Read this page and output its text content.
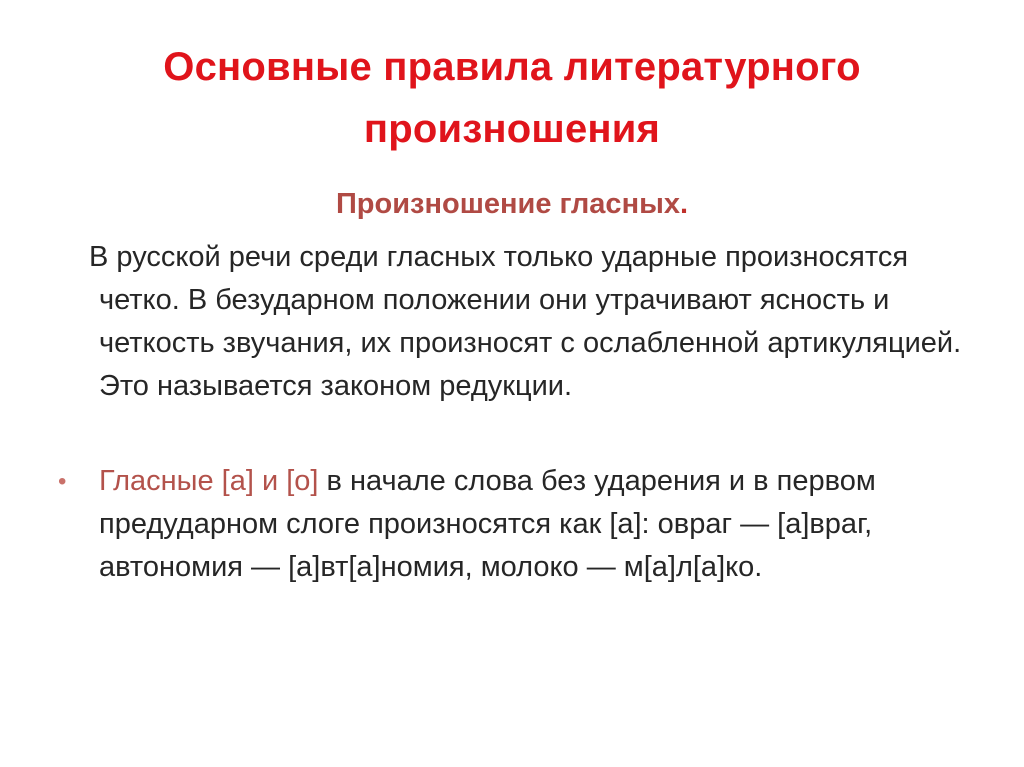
Основные правила литературного
произношения
Произношение гласных.
В русской речи среди гласных только ударные произносятся четко. В безударном положении они утрачивают ясность и четкость звучания, их произносят с ослабленной артикуляцией. Это называется законом редукции.
• Гласные [а] и [о] в начале слова без ударения и в первом предударном слоге произносятся как [а]: овраг — [а]враг, автономия — [а]вт[а]номия, молоко — м[а]л[а]ко.
